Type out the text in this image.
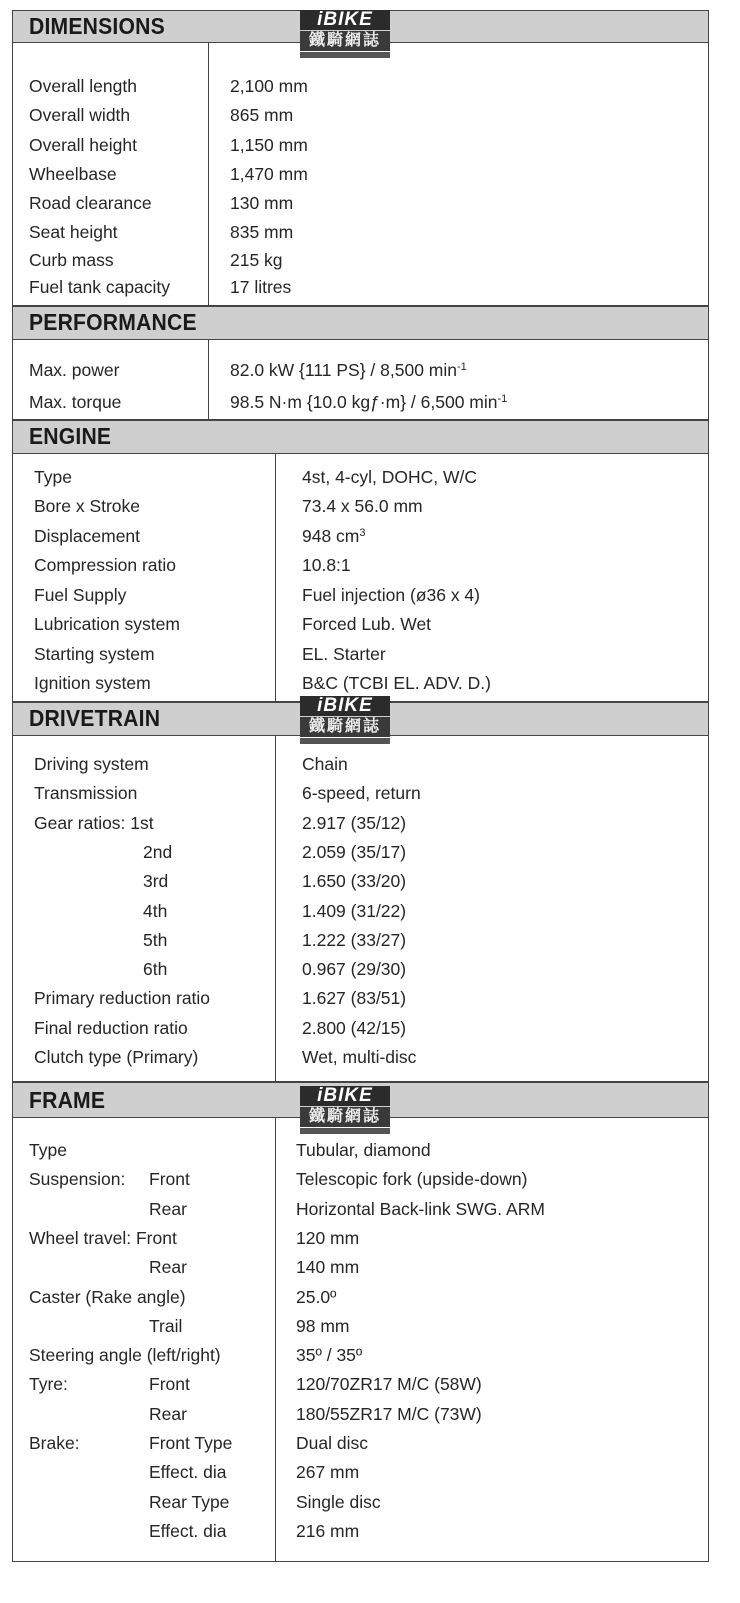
DIMENSIONS
Overall length	2,100 mm
Overall width	865 mm
Overall height	1,150 mm
Wheelbase	1,470 mm
Road clearance	130 mm
Seat height	835 mm
Curb mass	215 kg
Fuel tank capacity	17 litres
PERFORMANCE
Max. power	82.0 kW {111 PS} / 8,500 $\min^{-1}$
Max. torque	98.5 N·m {10.0 kgƒ·m} / 6,500 $\min^{-1}$
ENGINE
Type	4st, 4-cyl, DOHC, W/C
Bore x Stroke	73.4 x 56.0 mm
Displacement	948 $cm^3$
Compression ratio	10.8:1
Fuel Supply	Fuel injection (ø36 x 4)
Lubrication system	Forced Lub. Wet
Starting system	EL. Starter
Ignition system	B&C (TCBI EL. ADV. D.)
DRIVETRAIN
Driving system	Chain
Transmission	6-speed, return
Gear ratios: 1st	2.917 (35/12)
2nd	2.059 (35/17)
3rd	1.650 (33/20)
4th	1.409 (31/22)
5th	1.222 (33/27)
6th	0.967 (29/30)
Primary reduction ratio	1.627 (83/51)
Final reduction ratio	2.800 (42/15)
Clutch type (Primary)	Wet, multi-disc
FRAME
Type	Tubular, diamond
Suspension: Front	Telescopic fork (upside-down)
Rear	Horizontal Back-link SWG. ARM
Wheel travel: Front	120 mm
Rear	140 mm
Caster (Rake angle)	25.0º
Trail	98 mm
Steering angle (left/right)	35º / 35º
Tyre:	Front	120/70ZR17 M/C (58W)
Rear	180/55ZR17 M/C (73W)
Brake:	Front Type	Dual disc
Effect. dia	267 mm
Rear Type	Single disc
Effect. dia	216 mm
iBIKE
鐵騎網誌
iBIKE
鐵騎網誌
iBIKE
鐵騎網誌
